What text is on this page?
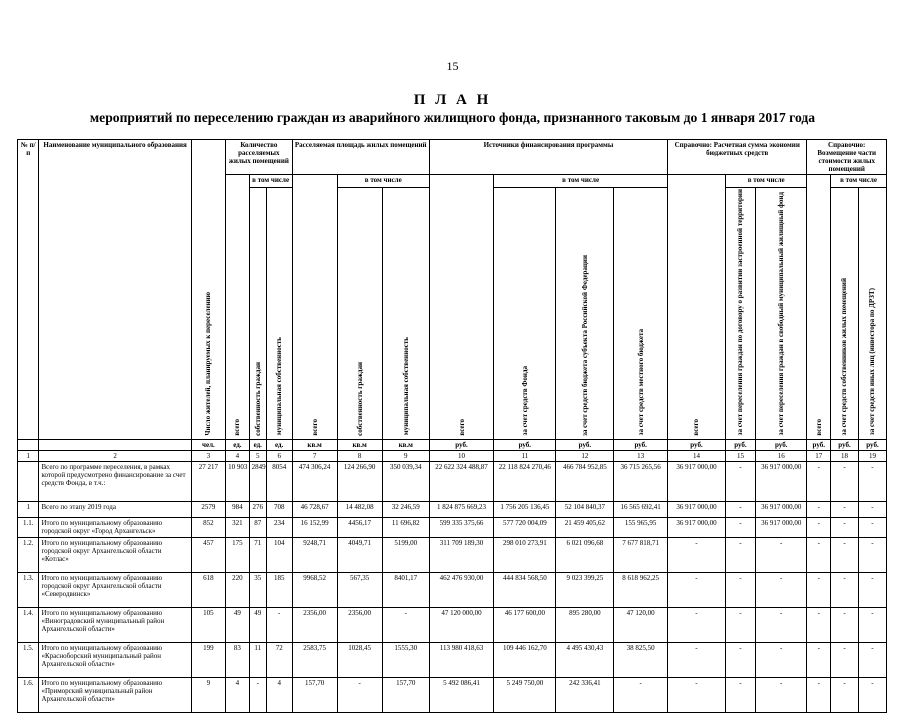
15
П Л А Н
мероприятий по переселению граждан из аварийного жилищного фонда, признанного таковым до 1 января 2017 года
№ п/п	Наименование муниципального образования	Число жителей, планируемых к переселению	Количество расселяемых жилых помещений			Расселяемая площадь жилых помещений			Источники финансирования программы				Справочно: Расчетная сумма экономии бюджетных средств			Справочно: Возмещение части стоимости жилых помещений		
			всего	в том числе		всего	в том числе		всего	в том числе			всего	в том числе		всего	в том числе	
				собственность граждан	муниципальная собственность		собственность граждан	муниципальная собственность		за счет средств Фонда	за счет средств бюджета субъекта Российской Федерации	за счет средств местного бюджета		за счет переселения граждан по договору о развитии застроенной территории	за счет переселения граждан в свободный муниципальный жилищный фонд		за счет средств собственников жилых помещений	за счет средств иных лиц (инвестора по ДРЗТ)
		чел.	ед.	ед.	ед.	кв.м	кв.м	кв.м	руб.	руб.	руб.	руб.	руб.	руб.	руб.	руб.	руб.	руб.
1	2	3	4	5	6	7	8	9	10	11	12	13	14	15	16	17	18	19
	Всего по программе переселения, в рамках которой предусмотрено финансирование за счет средств Фонда, в т.ч.:	27 217	10 903	2849	8054	474 306,24	124 266,90	350 039,34	22 622 324 488,87	22 118 824 270,46	466 784 952,85	36 715 265,56	36 917 000,00	-	36 917 000,00	-	-	-
1	Всего по этапу 2019 года	2579	984	276	708	46 728,67	14 482,08	32 246,59	1 824 875 669,23	1 756 205 136,45	52 104 840,37	16 565 692,41	36 917 000,00	-	36 917 000,00	-	-	-
1.1.	Итого по муниципальному образованию городской округ «Город Архангельск»	852	321	87	234	16 152,99	4456,17	11 696,82	599 335 375,66	577 720 004,09	21 459 405,62	155 965,95	36 917 000,00	-	36 917 000,00	-	-	-
1.2.	Итого по муниципальному образованию городской округ Архангельской области «Котлас»	457	175	71	104	9248,71	4049,71	5199,00	311 709 189,30	298 010 273,91	6 021 096,68	7 677 818,71	-	-	-	-	-	-
1.3.	Итого по муниципальному образованию городской округ Архангельской области «Северодвинск»	618	220	35	185	9968,52	567,35	8401,17	462 476 930,00	444 834 568,50	9 023 399,25	8 618 962,25	-	-	-	-	-	-
1.4.	Итого по муниципальному образованию «Виноградовский муниципальный район Архангельской области»	105	49	49	-	2356,00	2356,00	-	47 120 000,00	46 177 600,00	895 280,00	47 120,00	-	-	-	-	-	-
1.5.	Итого по муниципальному образованию «Красноборский муниципальный район Архангельской области»	199	83	11	72	2583,75	1028,45	1555,30	113 980 418,63	109 446 162,70	4 495 430,43	38 825,50	-	-	-	-	-	-
1.6.	Итого по муниципальному образованию «Приморский муниципальный район Архангельской области»	9	4	-	4	157,70	-	157,70	5 492 086,41	5 249 750,00	242 336,41	-	-	-	-	-	-	-
